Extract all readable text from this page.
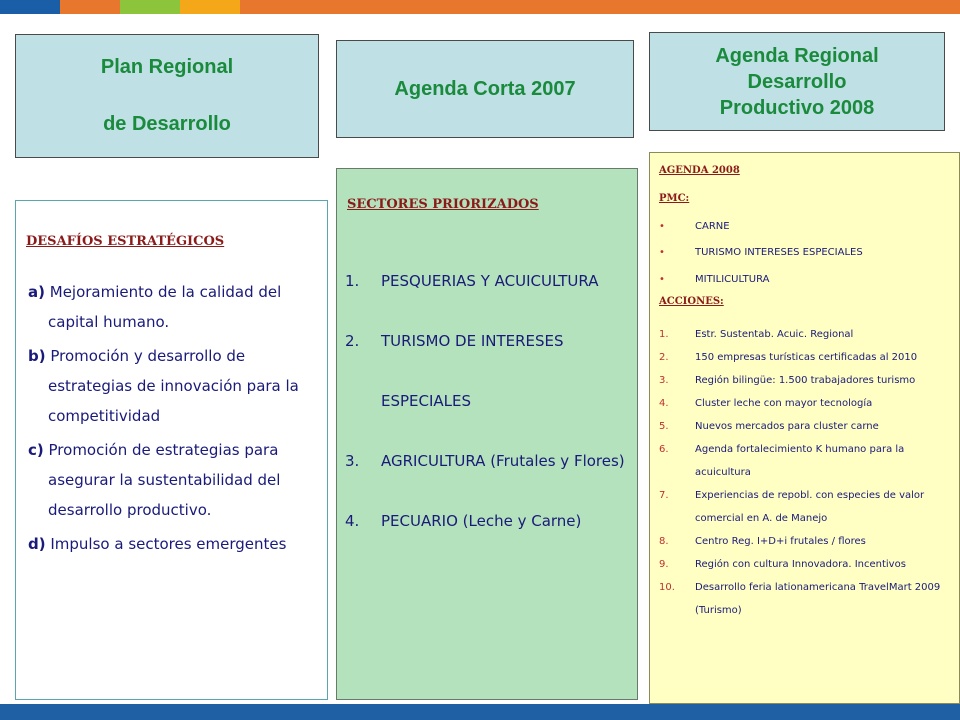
Plan Regional
de Desarrollo
Agenda Corta 2007
Agenda Regional
Desarrollo
Productivo 2008
DESAFÍOS ESTRATÉGICOS
a) Mejoramiento de la calidad del capital humano.
b) Promoción y desarrollo de estrategias de innovación para la competitividad
c) Promoción de estrategias para asegurar la sustentabilidad del desarrollo productivo.
d) Impulso a sectores emergentes
SECTORES PRIORIZADOS
1.	PESQUERIAS Y ACUICULTURA
2.	TURISMO DE INTERESES ESPECIALES
3.	AGRICULTURA (Frutales y Flores)
4.	PECUARIO (Leche y Carne)
AGENDA 2008
PMC:
•	CARNE
•	TURISMO INTERESES ESPECIALES
•	MITILICULTURA
ACCIONES:
1.	Estr. Sustentab. Acuic. Regional
2.	150 empresas turísticas certificadas al 2010
3.	Región bilingüe: 1.500 trabajadores turismo
4.	Cluster leche con mayor tecnología
5.	Nuevos mercados para cluster carne
6.	Agenda fortalecimiento K humano para la acuicultura
7.	Experiencias de repobl. con especies de valor comercial en A. de Manejo
8.	Centro Reg. I+D+i frutales / flores
9.	Región con cultura Innovadora. Incentivos
10.	Desarrollo feria lationamericana TravelMart 2009 (Turismo)
